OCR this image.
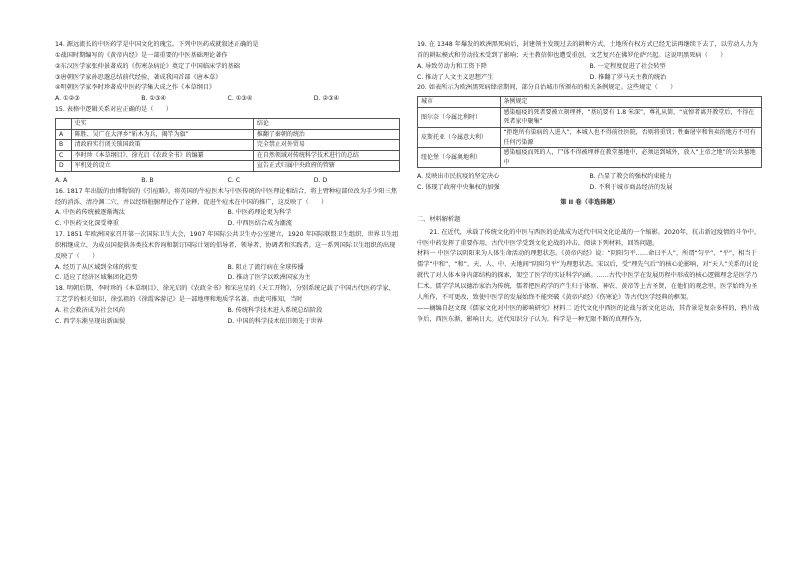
14. 源远流长的中医药学是中国文化的瑰宝。下列中医药成就叙述正确的是

①战国时期编写的《黄帝内经》是一部重要的中医基础理论著作

②东汉医学家张仲景著成的《伤寒杂病论》奠定了中国临床学的基础

③唐朝医学家孙思邈总结前代经验，著成我国首部《唐本草》

④明朝医学家李时珍著成中医药学集大成之作《本草纲目》

A. ①②③	B. ①③④	C. ①③④	D. ②③④

15. 表格中逻辑关系对应正确的是（　　）

	史实	结论
A	陈胜、吴广在大泽乡“斩木为兵，揭竿为旗”	推翻了秦朝的统治
B	清政府实行闭关锁国政策	完全禁止对外贸易
C	李时珍《本草纲目》、徐光启《农政全书》的编纂	在自然领域对传统科学技术进行的总结
D	军机处的设立	宣告正式归属中央政府的管辖
A. A	B. B	C. C	D. D

16. 1817 年出版的由博物馆的《引痘略》，将英国的牛痘医术与中医传统的中医理论相结合，将上臂种痘部位改为手少阳三焦经的消泺、清冷渊二穴，并以经络脏腑理论作了诠释，促进牛痘术在中国的推广，这反映了（　　）

A. 中医药传统被逐渐淘汰	B. 中医药理论更为科学
C. 中医药文化深受尊重	D. 中西医结合成为潮流

17. 1851 年欧洲国家召开第一次国际卫生大会，1907 年国际公共卫生办公室建立，1920 年国际联盟卫生组织、世界卫生组织相继成立，为成员国提供各类技术咨询和制订国际计划的倡导者、领导者、协调者和实践者。这一系列国际卫生组织的出现反映了（　　）

A. 经历了从区域到全球的转变	B. 阻止了流行病在全球传播
C. 适应了经济区域集团化趋势	D. 推动了医学以欧洲国家为主

18. 明朝后期，李时珍的《本草纲目》、徐光启的《农政全书》和宋应星的《天工开物》，分别系统记载了中国古代医药学家、工艺学的相关知识，徐弘祖的《徐霞客游记》是一部地理和地质学名著。由此可推知，当时

A. 社会救济成为社会风尚	B. 传统科学技术进入系统总结阶段
C. 西学东渐呈现出新面貌	D. 中国的科学技术依旧领先于世界

19. 在 1348 年爆发的欧洲黑死病后，封建领主发现过去的耕种方式、土地所有权方式已经无法再继续下去了，以劳动人力为首的耕耘模式和劳动技术受到了影响；天主教信仰也遭受重创，文艺复兴在佛罗伦萨兴起。这说明黑死病（　　）

A. 导致劳动力和工资下降	B. 一定程度促进了社会转型
C. 推动了人文主义思想产生	D. 推翻了罗马天主教的统治

20. 如表所示为欧洲黑死病肆虐期间，部分自治城市所颁布的相关条例规定。这些规定（　　）

城市	条例规定
图尔奈（今属比利时）	感染瘟疫的死者要被立刻埋葬，“基坑要有 1.8 米深”，尊礼从简，“哀悼者离开教堂后，不得在死者家中聚集”
皮斯托亚（今属意大利）	“拒绝所有染病的人进入”，本城人也不得前往医院，否则将重罚；牲畜屠宰和售卖的地方不可有任何污染源
纽伦堡（今属奥地利）	感染瘟疫而死的人，尸体不得被埋葬在教堂墓地中，必须运到城外，放入“上帝之地”的公共墓地中
A. 反映出市民抗疫的坚定决心	B. 凸显了教会的强权约束能力
C. 体现了政府中央集权的加强	D. 不利于城市商品经济的发展

第 II 卷（非选择题）

二、材料解析题

21. 在近代，承载了传统文化的中医与西医的论战成为近代中国文化论战的一个缩影。2020年，抗击新冠疫情的斗争中，中医中药发挥了重要作用，古代中医学受到文化论战的冲击，阅读下列材料，回答问题。

材料一 中医学以阴阳来为人体生命活动的理想状态。《黄帝内经》说：“阴阳匀平……命曰平人”，所谓“匀平”、“平”，相当于儒学“中和”、“和”，天、人、中、天地间“阴阳匀平”为理想状态。宋以后，受“理先气后”的核心论影响，对“天人”关系的讨论就代了对人体本身内部结构的探索，架空了医学的实证科学内涵。……古代中医学在发展历程中形成的核心逻辑理念是医学乃仁术。儒学学风以德治家治为传统，儒者把医药学的产生归于体察、神农、黄帝等上古圣贤，在他们的观念里，医学始终为圣人所作，不可更改，致使中医学的发展始终不能突破《黄帝内经》《伤寒论》等古代医学经典的框架。

——摘编自赵文琛《儒家文化对中医的影响研究》材料二 近代文化中西医的论战与新文化运动，其背景是复杂多样的，鸦片战争后，西医东渐，影响日大。近代知识分子认为，科学是一种无限不断的真理作为，
